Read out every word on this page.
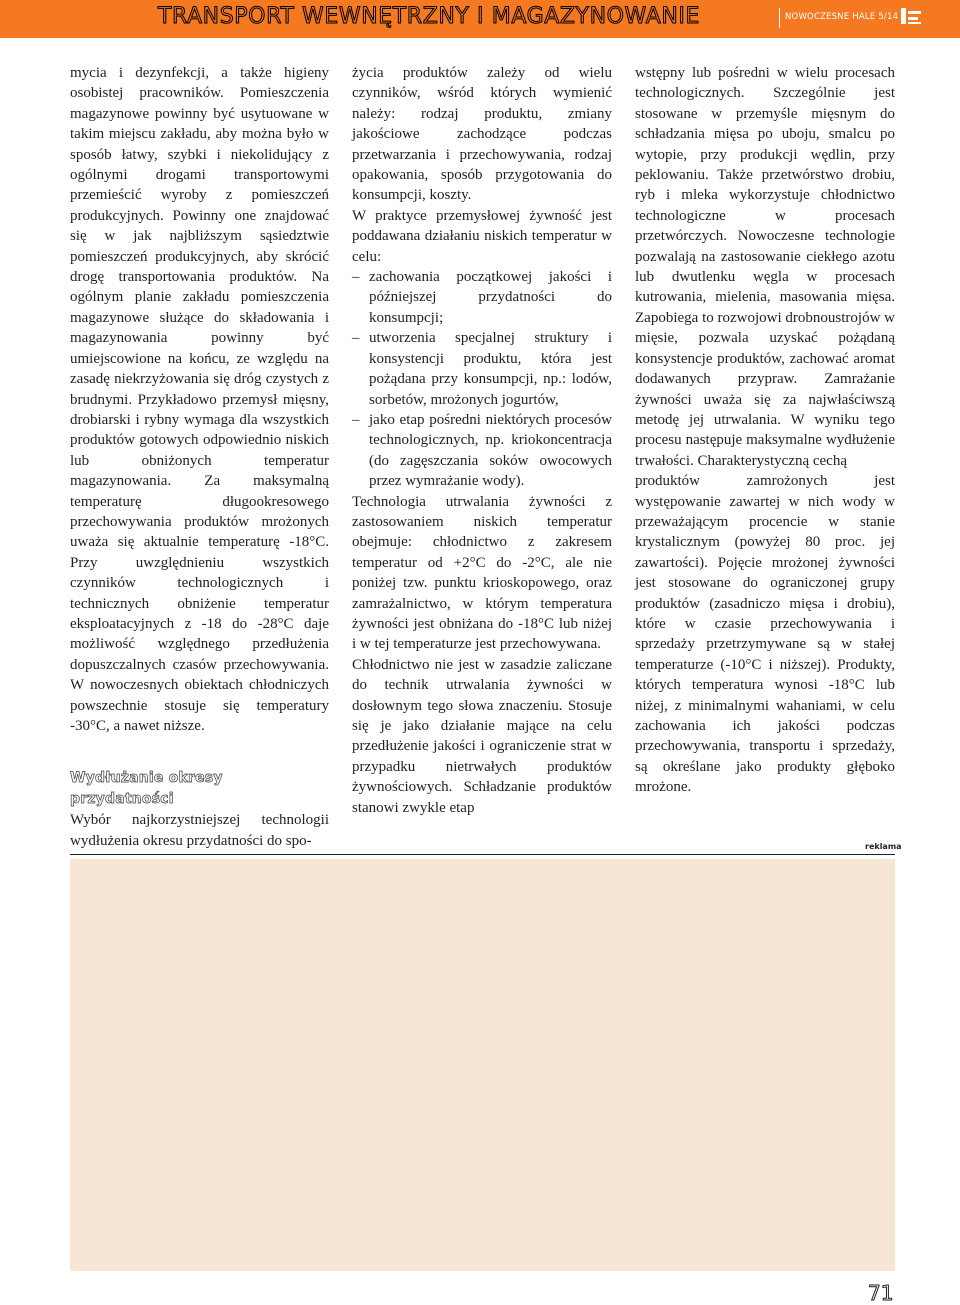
TRANSPORT WEWNĘTRZNY I MAGAZYNOWANIE	NOWOCZESNE HALE 5/14

mycia i dezynfekcji, a także higieny osobistej pracowników. Pomieszczenia magazynowe powinny być usytuowane w takim miejscu zakładu, aby można było w sposób łatwy, szybki i niekolidujący z ogólnymi drogami transportowymi przemieścić wyroby z pomieszczeń produkcyjnych. Powinny one znajdować się w jak najbliższym sąsiedztwie pomieszczeń produkcyjnych, aby skrócić drogę transportowania produktów. Na ogólnym planie zakładu pomieszczenia magazynowe służące do składowania i magazynowania powinny być umiejscowione na końcu, ze względu na zasadę niekrzyżowania się dróg czystych z brudnymi. Przykładowo przemysł mięsny, drobiarski i rybny wymaga dla wszystkich produktów gotowych odpowiednio niskich lub obniżonych temperatur magazynowania. Za maksymalną temperaturę długookresowego przechowywania produktów mrożonych uważa się aktualnie temperaturę -18°C. Przy uwzględnieniu wszystkich czynników technologicznych i technicznych obniżenie temperatur eksploatacyjnych z -18 do -28°C daje możliwość względnego przedłużenia dopuszczalnych czasów przechowywania. W nowoczesnych obiektach chłodniczych powszechnie stosuje się temperatury -30°C, a nawet niższe.

Wydłużanie okresy przydatności

Wybór najkorzystniejszej technologii wydłużenia okresu przydatności do spo-

życia produktów zależy od wielu czynników, wśród których wymienić należy: rodzaj produktu, zmiany jakościowe zachodzące podczas przetwarzania i przechowywania, rodzaj opakowania, sposób przygotowania do konsumpcji, koszty.

W praktyce przemysłowej żywność jest poddawana działaniu niskich temperatur w celu:

– zachowania początkowej jakości i późniejszej przydatności do konsumpcji;
– utworzenia specjalnej struktury i konsystencji produktu, która jest pożądana przy konsumpcji, np.: lodów, sorbetów, mrożonych jogurtów,
– jako etap pośredni niektórych procesów technologicznych, np. kriokoncentracja (do zagęszczania soków owocowych przez wymrażanie wody).

Technologia utrwalania żywności z zastosowaniem niskich temperatur obejmuje: chłodnictwo z zakresem temperatur od +2°C do -2°C, ale nie poniżej tzw. punktu krioskopowego, oraz zamrażalnictwo, w którym temperatura żywności jest obniżana do -18°C lub niżej i w tej temperaturze jest przechowywana.

Chłodnictwo nie jest w zasadzie zaliczane do technik utrwalania żywności w dosłownym tego słowa znaczeniu. Stosuje się je jako działanie mające na celu przedłużenie jakości i ograniczenie strat w przypadku nietrwałych produktów żywnościowych. Schładzanie produktów stanowi zwykle etap

wstępny lub pośredni w wielu procesach technologicznych. Szczególnie jest stosowane w przemyśle mięsnym do schładzania mięsa po uboju, smalcu po wytopie, przy produkcji wędlin, przy peklowaniu. Także przetwórstwo drobiu, ryb i mleka wykorzystuje chłodnictwo technologiczne w procesach przetwórczych. Nowoczesne technologie pozwalają na zastosowanie ciekłego azotu lub dwutlenku węgla w procesach kutrowania, mielenia, masowania mięsa. Zapobiega to rozwojowi drobnoustrojów w mięsie, pozwala uzyskać pożądaną konsystencje produktów, zachować aromat dodawanych przypraw. Zamrażanie żywności uważa się za najwłaściwszą metodę jej utrwalania. W wyniku tego procesu następuje maksymalne wydłużenie trwałości. Charakterystyczną cechą

produktów zamrożonych jest występowanie zawartej w nich wody w przeważającym procencie w stanie krystalicznym (powyżej 80 proc. jej zawartości). Pojęcie mrożonej żywności jest stosowane do ograniczonej grupy produktów (zasadniczo mięsa i drobiu), które w czasie przechowywania i sprzedaży przetrzymywane są w stałej temperaturze (-10°C i niższej). Produkty, których temperatura wynosi -18°C lub niżej, z minimalnymi wahaniami, w celu zachowania ich jakości podczas przechowywania, transportu i sprzedaży, są określane jako produkty głęboko mrożone.

reklama
71
